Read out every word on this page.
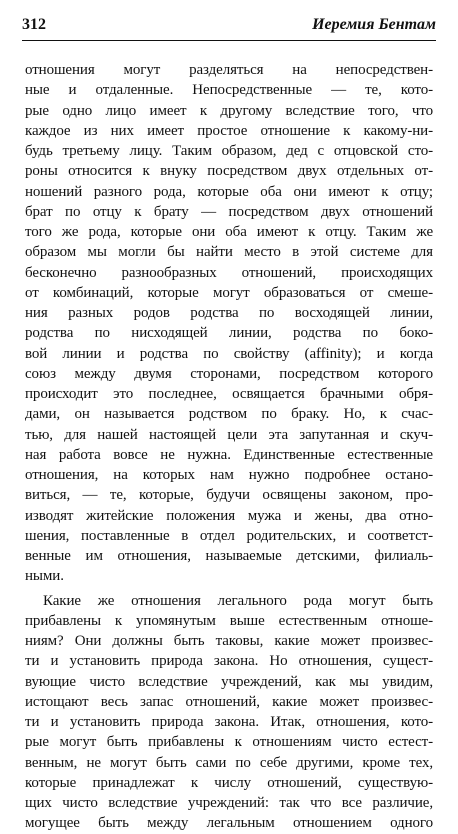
312	Иеремия Бентам

отношения могут разделяться на непосредствен-
ные и отдаленные. Непосредственные — те, кото-
рые одно лицо имеет к другому вследствие того, что
каждое из них имеет простое отношение к какому-ни-
будь третьему лицу. Таким образом, дед с отцовской сто-
роны относится к внуку посредством двух отдельных от-
ношений разного рода, которые оба они имеют к отцу;
брат по отцу к брату — посредством двух отношений
того же рода, которые они оба имеют к отцу. Таким же
образом мы могли бы найти место в этой системе для
бесконечно разнообразных отношений, происходящих
от комбинаций, которые могут образоваться от смеше-
ния разных родов родства по восходящей линии,
родства по нисходящей линии, родства по боко-
вой линии и родства по свойству (affinity); и когда
союз между двумя сторонами, посредством которого
происходит это последнее, освящается брачными обря-
дами, он называется родством по браку. Но, к счас-
тью, для нашей настоящей цели эта запутанная и скуч-
ная работа вовсе не нужна. Единственные естественные
отношения, на которых нам нужно подробнее останo-
виться, — те, которые, будучи освящены законом, про-
изводят житейские положения мужа и жены, два отно-
шения, поставленные в отдел родительских, и соответст-
венные им отношения, называемые детскими, филиаль-
ными.

Какие же отношения легального рода могут быть
прибавлены к упомянутым выше естественным отноше-
ниям? Они должны быть таковы, какие может произвес-
ти и установить природа закона. Но отношения, сущест-
вующие чисто вследствие учреждений, как мы увидим,
истощают весь запас отношений, какие может произвес-
ти и установить природа закона. Итак, отношения, кото-
рые могут быть прибавлены к отношениям чисто естест-
венным, не могут быть сами по себе другими, кроме тех,
которые принадлежат к числу отношений, существую-
щих чисто вследствие учреждений: так что все различие,
могущее быть между легальным отношением одного
